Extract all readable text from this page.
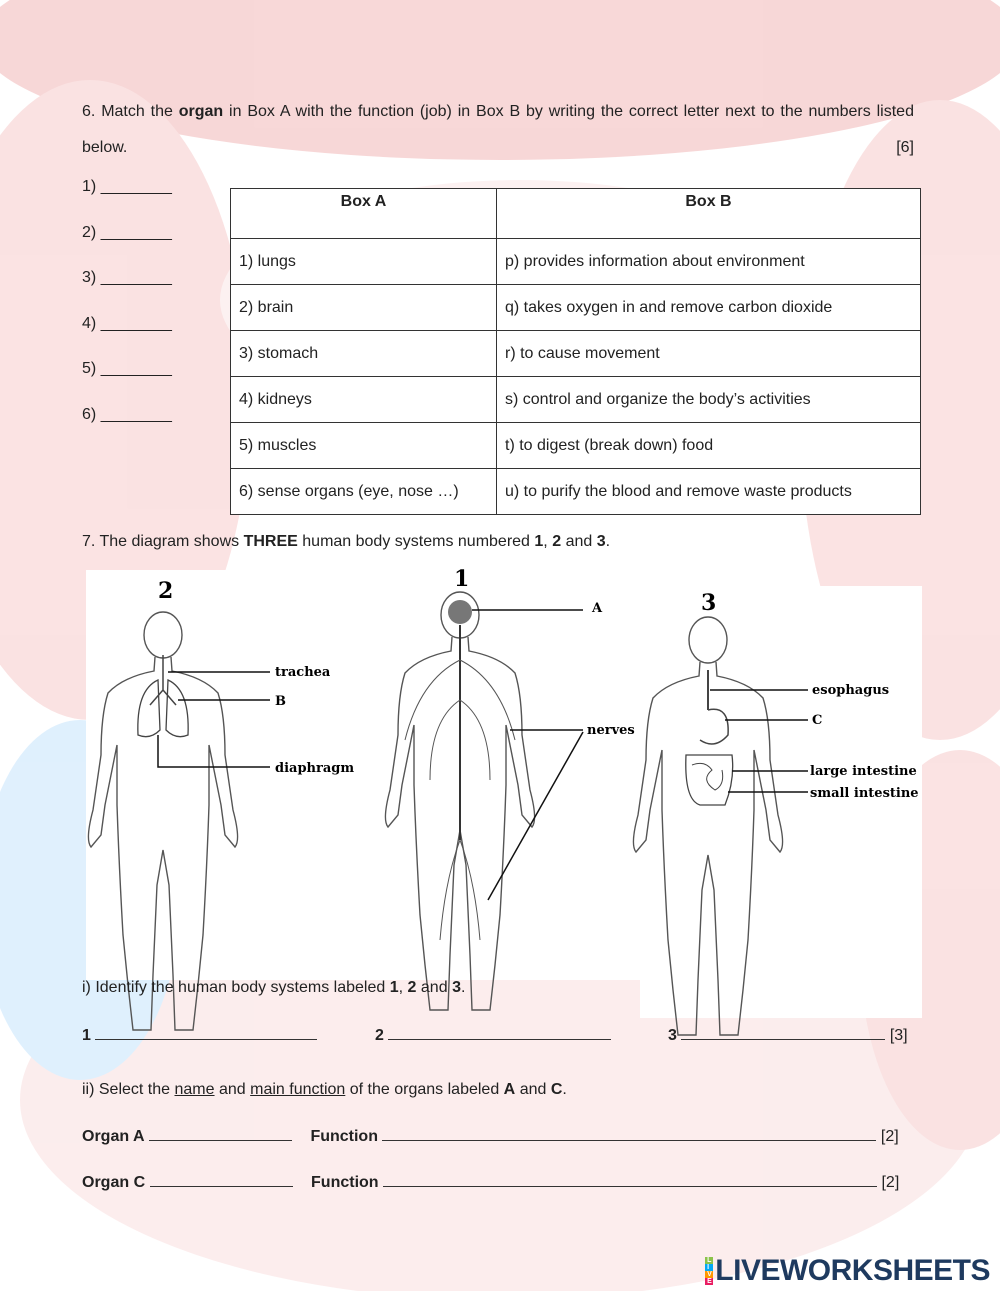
6. Match the organ in Box A with the function (job) in Box B by writing the correct letter next to the numbers listed below.	[6]
1) ________
2) ________
3) ________
4) ________
5) ________
6) ________
Box A	Box B
1) lungs	p) provides information about environment
2) brain	q) takes oxygen in and remove carbon dioxide
3) stomach	r) to cause movement
4) kidneys	s) control and organize the body’s activities
5) muscles	t) to digest (break down) food
6) sense organs (eye, nose …)	u) to purify the blood and remove waste products
7. The diagram shows THREE human body systems numbered 1, 2 and 3.
2
trachea
B
diaphragm
1
A
nerves
3
esophagus
C
large intestine
small intestine
i) Identify the human body systems labeled 1, 2 and 3.
1	2	3	[3]
ii) Select the name and main function of the organs labeled A and C.
Organ A	Function	[2]
Organ C	Function	[2]
L
I
V
E LIVEWORKSHEETS
